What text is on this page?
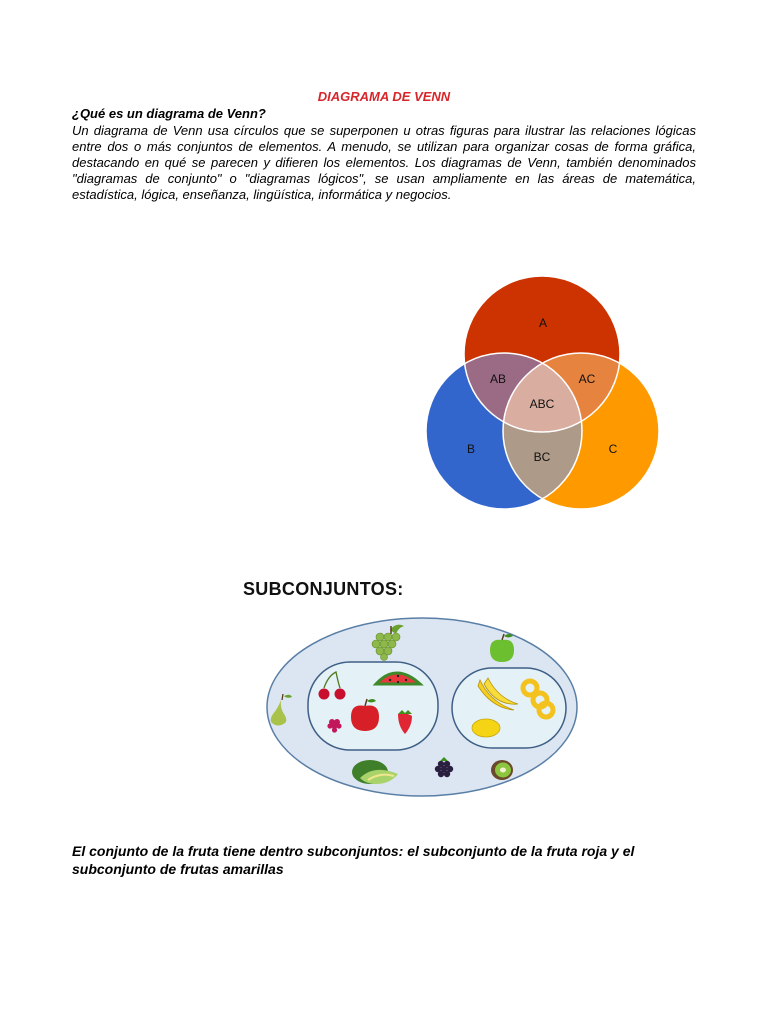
DIAGRAMA DE VENN
¿Qué es un diagrama de Venn?

Un diagrama de Venn usa círculos que se superponen u otras figuras para ilustrar las relaciones lógicas entre dos o más conjuntos de elementos. A menudo, se utilizan para organizar cosas de forma gráfica, destacando en qué se parecen y difieren los elementos. Los diagramas de Venn, también denominados "diagramas de conjunto" o "diagramas lógicos", se usan ampliamente en las áreas de matemática, estadística, lógica, enseñanza, lingüística, informática y negocios.

A
AB	AC
ABC
B
BC
C
SUBCONJUNTOS:

El conjunto de la fruta tiene dentro subconjuntos: el subconjunto de la fruta roja y el subconjunto de frutas amarillas
